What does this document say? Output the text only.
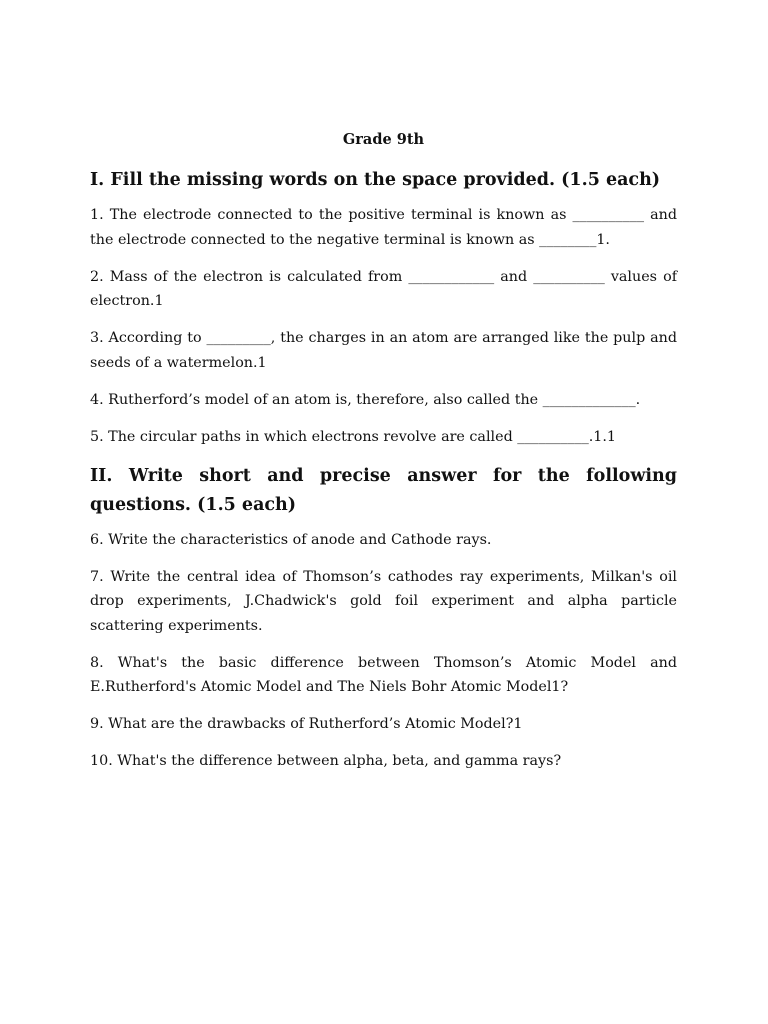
Grade 9th
I. Fill the missing words on the space provided. (1.5 each)

1. The electrode connected to the positive terminal is known as __________ and the electrode connected to the negative terminal is known as ________1.

2. Mass of the electron is calculated from ____________ and __________ values of electron.1

3. According to _________, the charges in an atom are arranged like the pulp and seeds of a watermelon.1

4. Rutherford’s model of an atom is, therefore, also called the _____________.

5. The circular paths in which electrons revolve are called __________.1.1

II. Write short and precise answer for the following questions. (1.5 each)

6. Write the characteristics of anode and Cathode rays.

7. Write the central idea of Thomson’s cathodes ray experiments, Milkan's oil drop experiments, J.Chadwick's gold foil experiment and alpha particle scattering experiments.

8. What's the basic difference between Thomson’s Atomic Model and E.Rutherford's Atomic Model and The Niels Bohr Atomic Model1?

9. What are the drawbacks of Rutherford’s Atomic Model?1

10. What's the difference between alpha, beta, and gamma rays?
